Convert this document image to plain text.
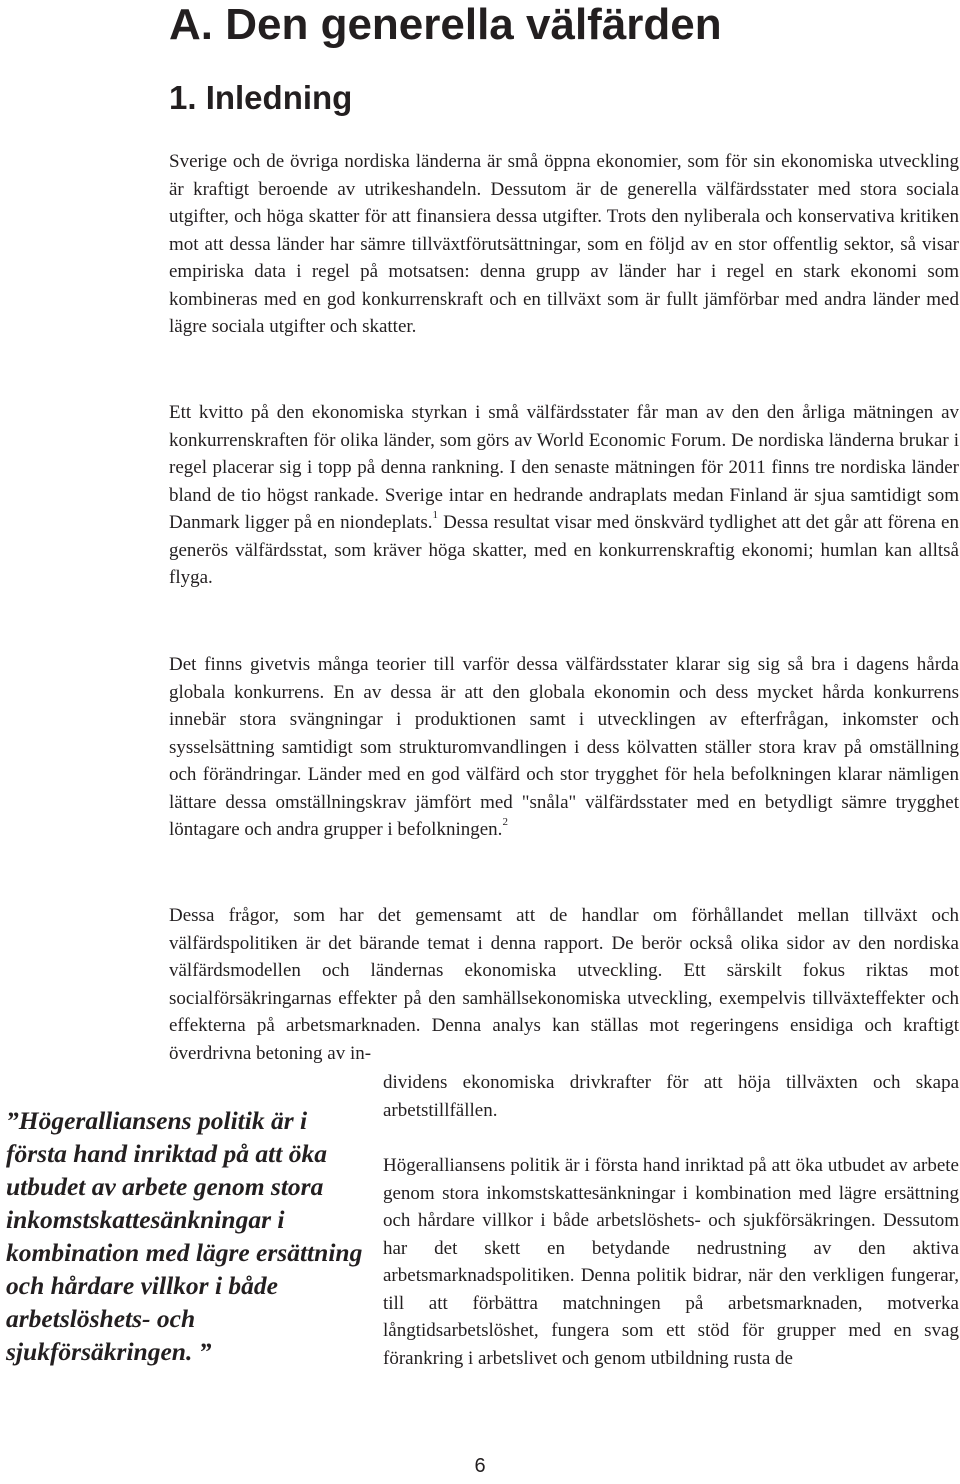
A. Den generella välfärden
1. Inledning

Sverige och de övriga nordiska länderna är små öppna ekonomier, som för sin ekonomiska utveckling är kraftigt beroende av utrikeshandeln. Dessutom är de generella välfärdsstater med stora sociala utgifter, och höga skatter för att finansiera dessa utgifter. Trots den nyliberala och konservativa kritiken mot att dessa länder har sämre tillväxtförutsättningar, som en följd av en stor offentlig sektor, så visar empiriska data i regel på motsatsen: denna grupp av länder har i regel en stark ekonomi som kombineras med en god konkurrenskraft och en tillväxt som är fullt jämförbar med andra länder med lägre sociala utgifter och skatter.

Ett kvitto på den ekonomiska styrkan i små välfärdsstater får man av den den årliga mätningen av konkurrenskraften för olika länder, som görs av World Economic Forum. De nordiska länderna brukar i regel placerar sig i topp på denna rankning. I den senaste mätningen för 2011 finns tre nordiska länder bland de tio högst rankade. Sverige intar en hedrande andraplats medan Finland är sjua samtidigt som Danmark ligger på en niondeplats.$^1$ Dessa resultat visar med önskvärd tydlighet att det går att förena en generös välfärdsstat, som kräver höga skatter, med en konkurrenskraftig ekonomi; humlan kan alltså flyga.

Det finns givetvis många teorier till varför dessa välfärdsstater klarar sig sig så bra i dagens hårda globala konkurrens. En av dessa är att den globala ekonomin och dess mycket hårda konkurrens innebär stora svängningar i produktionen samt i utvecklingen av efterfrågan, inkomster och sysselsättning samtidigt som strukturomvandlingen i dess kölvatten ställer stora krav på omställning och förändringar. Länder med en god välfärd och stor trygghet för hela befolkningen klarar nämligen lättare dessa omställningskrav jämfört med "snåla" välfärdsstater med en betydligt sämre trygghet löntagare och andra grupper i befolkningen.$^2$

Dessa frågor, som har det gemensamt att de handlar om förhållandet mellan tillväxt och välfärdspolitiken är det bärande temat i denna rapport. De berör också olika sidor av den nordiska välfärdsmodellen och ländernas ekonomiska utveckling. Ett särskilt fokus riktas mot socialförsäkringarnas effekter på den samhällsekonomiska utveckling, exempelvis tillväxteffekter och effekterna på arbetsmarknaden. Denna analys kan ställas mot regeringens ensidiga och kraftigt överdrivna betoning av in-

dividens ekonomiska drivkrafter för att höja tillväxten och skapa arbetstillfällen.

Högeralliansens politik är i första hand inriktad på att öka utbudet av arbete genom stora inkomstskattesänkningar i kombination med lägre ersättning och hårdare villkor i både arbetslöshets- och sjukförsäkringen. Dessutom har det skett en betydande nedrustning av den aktiva arbetsmarknadspolitiken. Denna politik bidrar, när den verkligen fungerar, till att förbättra matchningen på arbetsmarknaden, motverka långtidsarbetslöshet, fungera som ett stöd för grupper med en svag förankring i arbetslivet och genom utbildning rusta de

”Högeralliansens politik är i första hand inriktad på att öka utbudet av arbete genom stora inkomstskattesänkningar i kombination med lägre ersättning och hårdare villkor i både arbetslöshets- och sjukförsäkringen. ”

6
